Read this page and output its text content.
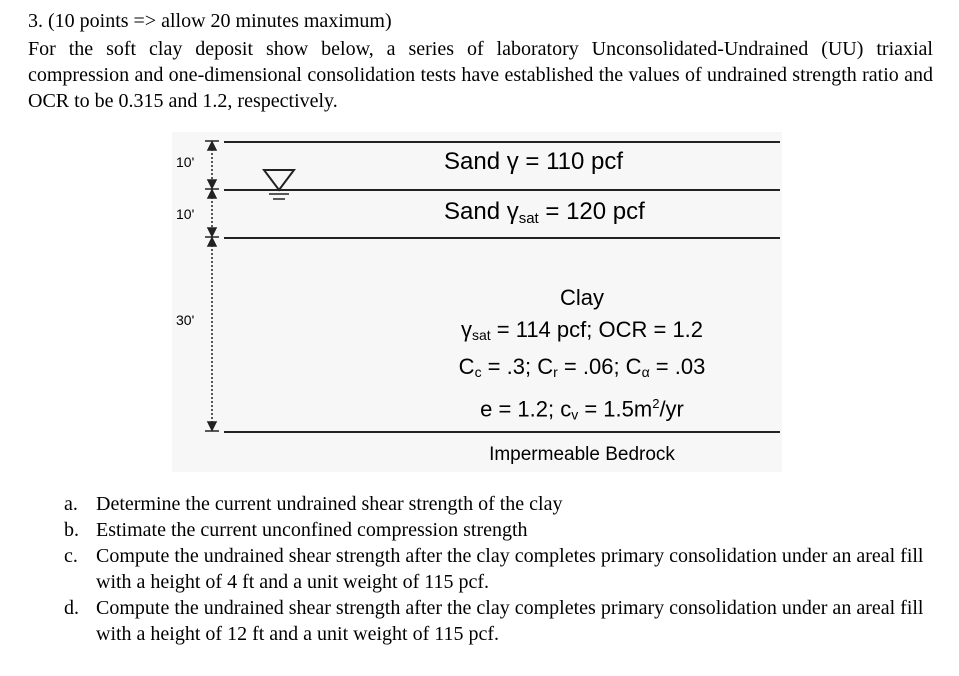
3. (10 points => allow 20 minutes maximum)
For the soft clay deposit show below, a series of laboratory Unconsolidated-Undrained (UU) triaxial compression and one-dimensional consolidation tests have established the values of undrained strength ratio and OCR to be 0.315 and 1.2, respectively.
10'
10'
30'
Sand γ = 110 pcf
Sand $\gamma_{sat} = 120$ pcf
Clay
γsat = 114 pcf; OCR = 1.2
Cc = .3; Cr = .06; Cα = .03
e = 1.2; cv = $1.5m^2/yr$
Impermeable Bedrock
a. Determine the current undrained shear strength of the clay
b. Estimate the current unconfined compression strength
c. Compute the undrained shear strength after the clay completes primary consolidation under an areal fill with a height of 4 ft and a unit weight of 115 pcf.
d. Compute the undrained shear strength after the clay completes primary consolidation under an areal fill with a height of 12 ft and a unit weight of 115 pcf.
